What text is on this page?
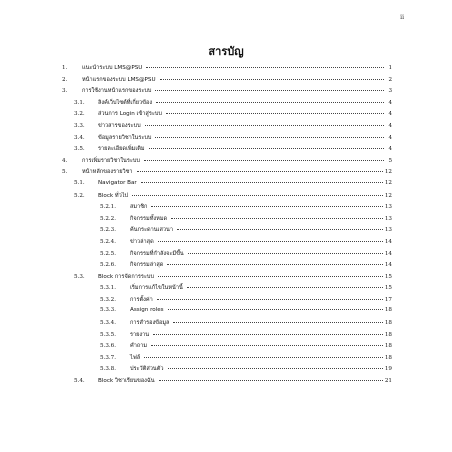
ii
สารบัญ
1.	แนะนำระบบ LMS@PSU	1
2.	หน้าแรกของระบบ LMS@PSU	2
3.	การใช้งานหน้าแรกของระบบ	3
3.1.	ลิงค์เว็บไซต์ที่เกี่ยวข้อง	4
3.2.	ส่วนการ Login เข้าสู่ระบบ	4
3.3.	ข่าวสารของระบบ	4
3.4.	ข้อมูลรายวิชาในระบบ	4
3.5.	รายละเอียดเพิ่มเติม	4
4.	การเพิ่มรายวิชาในระบบ	5
5.	หน้าหลักของรายวิชา	12
5.1.	Navigator Bar	12
5.2.	Block ทั่วไป	12
5.2.1.	สมาชิก	13
5.2.2.	กิจกรรมทั้งหมด	13
5.2.3.	ค้นกระดานเสวนา	13
5.2.4.	ข่าวล่าสุด	14
5.2.5.	กิจกรรมที่กำลังจะมีขึ้น	14
5.2.6.	กิจกรรมล่าสุด	14
5.3.	Block การจัดการระบบ	15
5.3.1.	เริ่มการแก้ไขในหน้านี้	15
5.3.2.	การตั้งค่า	17
5.3.3.	Assign roles	18
5.3.4.	การสำรองข้อมูล	18
5.3.5.	รายงาน	18
5.3.6.	คำถาม	18
5.3.7.	ไฟล์	18
5.3.8.	ประวัติส่วนตัว	19
5.4.	Block วิชาเรียนของฉัน	21
